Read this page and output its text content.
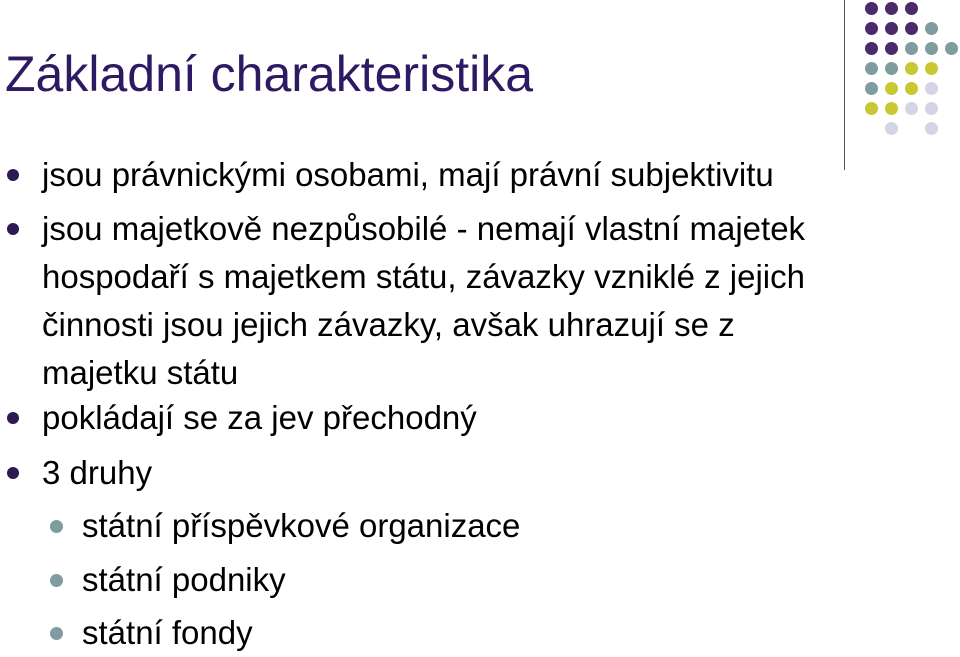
Základní charakteristika
jsou právnickými osobami, mají právní subjektivitu
jsou majetkově nezpůsobilé - nemají vlastní majetek
hospodaří s majetkem státu, závazky vzniklé z jejich
činnosti jsou jejich závazky, avšak uhrazují se z
majetku státu
pokládají se za jev přechodný
3 druhy
státní příspěvkové organizace
státní podniky
státní fondy
